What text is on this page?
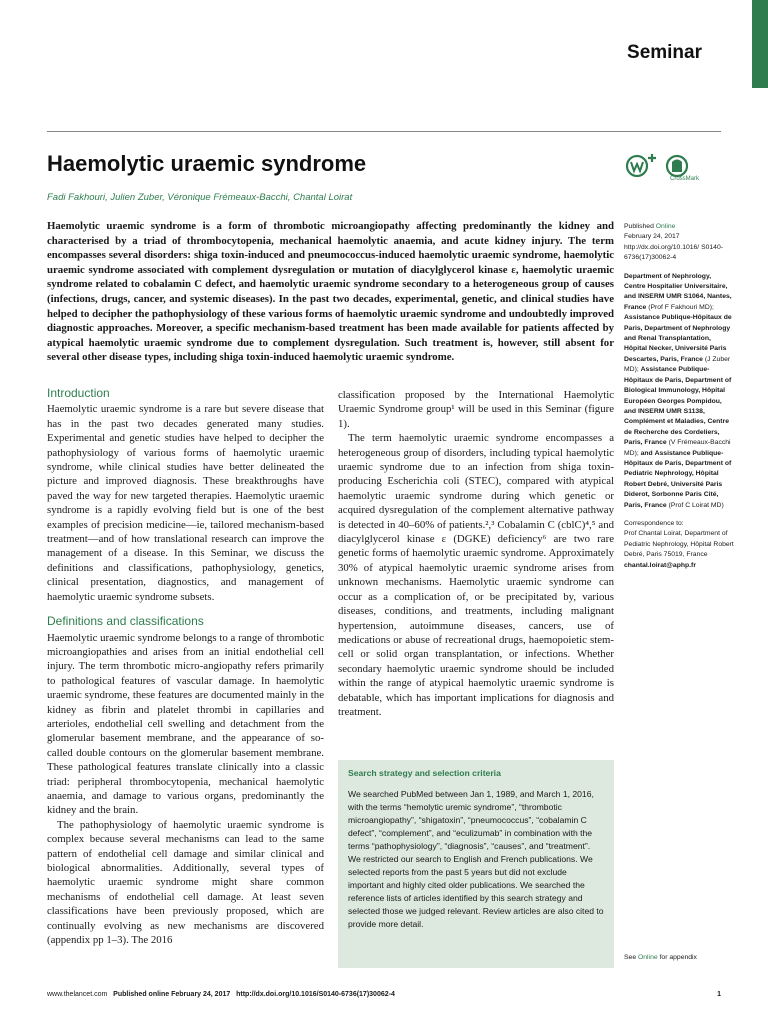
Seminar
Haemolytic uraemic syndrome
CrossMark
Fadi Fakhouri, Julien Zuber, Véronique Frémeaux-Bacchi, Chantal Loirat

Haemolytic uraemic syndrome is a form of thrombotic microangiopathy affecting predominantly the kidney and characterised by a triad of thrombocytopenia, mechanical haemolytic anaemia, and acute kidney injury. The term encompasses several disorders: shiga toxin-induced and pneumococcus-induced haemolytic uraemic syndrome, haemolytic uraemic syndrome associated with complement dysregulation or mutation of diacylglycerol kinase ε, haemolytic uraemic syndrome related to cobalamin C defect, and haemolytic uraemic syndrome secondary to a heterogeneous group of causes (infections, drugs, cancer, and systemic diseases). In the past two decades, experimental, genetic, and clinical studies have helped to decipher the pathophysiology of these various forms of haemolytic uraemic syndrome and undoubtedly improved diagnostic approaches. Moreover, a specific mechanism-based treatment has been made available for patients affected by atypical haemolytic uraemic syndrome due to complement dysregulation. Such treatment is, however, still absent for several other disease types, including shiga toxin-induced haemolytic uraemic syndrome.

Introduction

Haemolytic uraemic syndrome is a rare but severe disease that has in the past two decades generated many studies. Experimental and genetic studies have helped to decipher the pathophysiology of various forms of haemolytic uraemic syndrome, while clinical studies have better delineated the picture and improved diagnosis. These breakthroughs have paved the way for new targeted therapies. Haemolytic uraemic syndrome is a rapidly evolving field but is one of the best examples of precision medicine—ie, tailored mechanism-based treatment—and of how translational research can improve the management of a disease. In this Seminar, we discuss the definitions and classifications, pathophysiology, genetics, clinical presentation, diagnostics, and management of haemolytic uraemic syndrome subsets.

Definitions and classifications

Haemolytic uraemic syndrome belongs to a range of thrombotic microangiopathies and arises from an initial endothelial cell injury. The term thrombotic micro-angiopathy refers primarily to pathological features of vascular damage. In haemolytic uraemic syndrome, these features are documented mainly in the kidney as fibrin and platelet thrombi in capillaries and arterioles, endothelial cell swelling and detachment from the glomerular basement membrane, and the appearance of so-called double contours on the glomerular basement membrane. These pathological features translate clinically into a classic triad: peripheral thrombocytopenia, mechanical haemolytic anaemia, and damage to various organs, predominantly the kidney and the brain.

The pathophysiology of haemolytic uraemic syndrome is complex because several mechanisms can lead to the same pattern of endothelial cell damage and similar clinical and biological abnormalities. Additionally, several types of haemolytic uraemic syndrome might share common mechanisms of endothelial cell damage. At least seven classifications have been previously proposed, which are continually evolving as new mechanisms are discovered (appendix pp 1–3). The 2016

classification proposed by the International Haemolytic Uraemic Syndrome group¹ will be used in this Seminar (figure 1).

The term haemolytic uraemic syndrome encompasses a heterogeneous group of disorders, including typical haemolytic uraemic syndrome due to an infection from shiga toxin-producing Escherichia coli (STEC), compared with atypical haemolytic uraemic syndrome during which genetic or acquired dysregulation of the complement alternative pathway is detected in 40–60% of patients.²,³ Cobalamin C (cblC)⁴,⁵ and diacylglycerol kinase ε (DGKE) deficiency⁶ are two rare genetic forms of haemolytic uraemic syndrome. Approximately 30% of atypical haemolytic uraemic syndrome arises from unknown mechanisms. Haemolytic uraemic syndrome can occur as a complication of, or be precipitated by, various diseases, conditions, and treatments, including malignant hypertension, autoimmune diseases, cancers, use of medications or abuse of recreational drugs, haemopoietic stem-cell or solid organ transplantation, or infections. Whether secondary haemolytic uraemic syndrome should be included within the range of atypical haemolytic uraemic syndrome is debatable, which has important implications for diagnosis and treatment.

Search strategy and selection criteria

We searched PubMed between Jan 1, 1989, and March 1, 2016, with the terms “hemolytic uremic syndrome”, “thrombotic microangiopathy”, “shigatoxin”, “pneumococcus”, “cobalamin C defect”, “complement”, and “eculizumab” in combination with the terms “pathophysiology”, “diagnosis”, “causes”, and “treatment”. We restricted our search to English and French publications. We selected reports from the past 5 years but did not exclude important and highly cited older publications. We searched the reference lists of articles identified by this search strategy and selected those we judged relevant. Review articles are also cited to provide more detail.

Published Online
February 24, 2017
http://dx.doi.org/10.1016/ S0140-6736(17)30062-4

Department of Nephrology, Centre Hospitalier Universitaire, and INSERM UMR S1064, Nantes, France (Prof F Fakhouri MD); Assistance Publique-Hôpitaux de Paris, Department of Nephrology and Renal Transplantation, Hôpital Necker, Université Paris Descartes, Paris, France (J Zuber MD); Assistance Publique-Hôpitaux de Paris, Department of Biological Immunology, Hôpital Européen Georges Pompidou, and INSERM UMR S1138, Complément et Maladies, Centre de Recherche des Cordeliers, Paris, France (V Frémeaux-Bacchi MD); and Assistance Publique-Hôpitaux de Paris, Department of Pediatric Nephrology, Hôpital Robert Debré, Université Paris Diderot, Sorbonne Paris Cité, Paris, France (Prof C Loirat MD)

Correspondence to:
Prof Chantal Loirat, Department of Pediatric Nephrology, Hôpital Robert Debré, Paris 75019, France
chantal.loirat@aphp.fr

See Online for appendix
www.thelancet.com Published online February 24, 2017 http://dx.doi.org/10.1016/S0140-6736(17)30062-4	1
